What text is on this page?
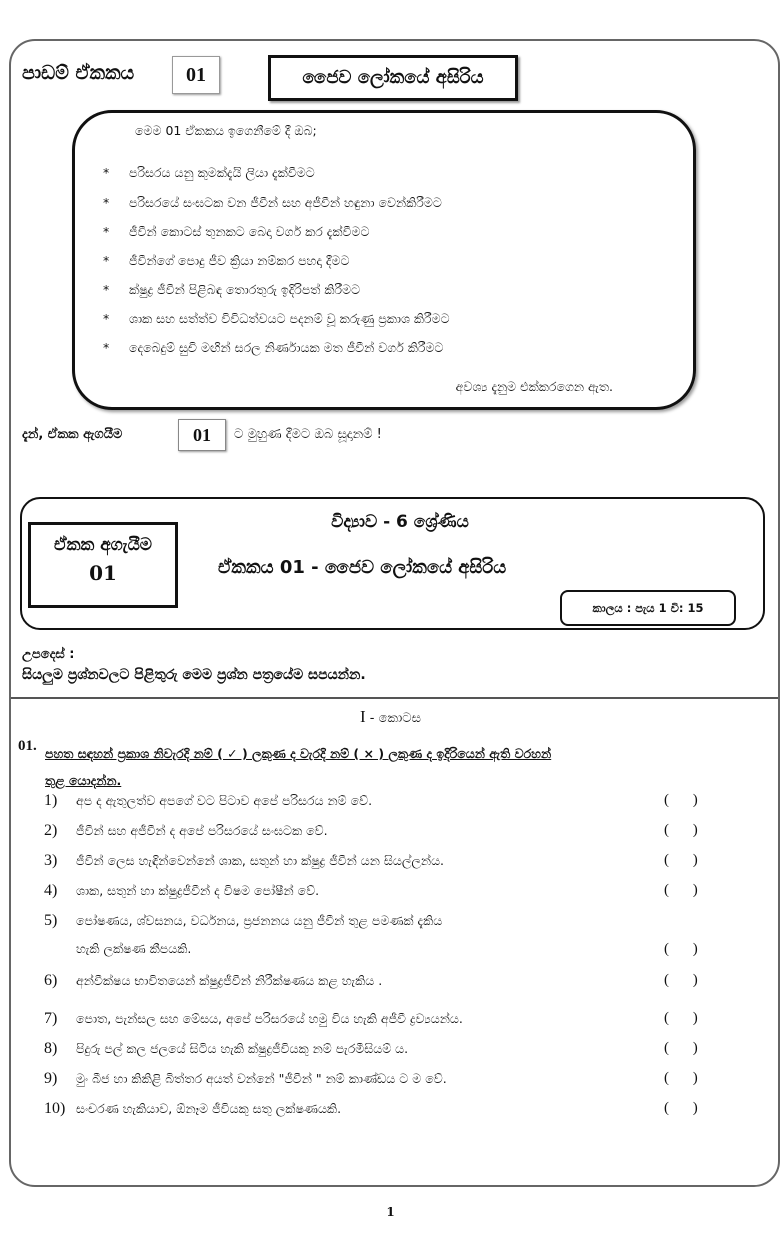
පාඩම් ඒකකය	01	ජෛව ලෝකයේ අසිරිය
මෙම 01 ඒකකය ඉගෙනීමේ දී ඔබ;
* පරිසරය යනු කුමක්දැයි ලියා දැක්වීමට
* පරිසරයේ සංඝටක වන ජීවීන් සහ අජීවීන් හඳුනා වෙන්කිරීමට
* ජීවීන් කොටස් තුනකට බෙදා වර්ග කර දැක්වීමට
* ජීවීන්ගේ පොදු ජීව ක්‍රියා නම්කර පහදා දීමට
* ක්ෂුද්‍ර ජීවීන් පිළිබඳ තොරතුරු ඉදිරිපත් කිරීමට
* ශාක සහ සත්ත්ව විවිධත්වයට පදනම් වූ කරුණු ප්‍රකාශ කිරීමට
* දෙබෙදුම් සුචි මඟින් සරල නිර්ණායක මත ජීවීන් වර්ග කිරීමට
අවශ්‍ය දැනුම එක්කරගෙන ඇත.
දැන්, ඒකක ඇගයීම	01	ට මුහුණ දීමට ඔබ සූදානම් !
ඒකක අගැයීම
01
විද්‍යාව - 6 ශ්‍රේණිය
ඒකකය 01 - ජෛව ලෝකයේ අසිරිය
කාලය : පැය 1 වි: 15
උපදෙස් :
සියලුම ප්‍රශ්නවලට පිළිතුරු මෙම ප්‍රශ්න පත්‍රයේම සපයන්න.
I - කොටස
01. පහත සඳහන් ප්‍රකාශ නිවැරදි නම් ( ✓ ) ලකුණ ද වැරදි නම් ( × ) ලකුණ ද ඉදිරියෙන් ඇති වරහන්
තුළ යොදන්න.
1) අප ද ඇතුලත්ව අපගේ වට පිටාව අපේ පරිසරය නම් වේ.	( )
2) ජීවීන් සහ අජීවීන් ද අපේ පරිසරයේ සංඝටක වේ.	( )
3) ජීවීන් ලෙස හැඳින්වෙන්නේ ශාක, සතුන් හා ක්ෂුද්‍ර ජීවීන් යන සියල්ලන්ය.	( )
4) ශාක, සතුන් හා ක්ෂුද්‍රජීවීන් ද විෂම පෝෂීන් වේ.	( )
5) පෝෂණය, ශ්වසනය, වර්ධනය, ප්‍රජනනය යනු ජීවීන් තුළ පමණක් දැකිය
හැකි ලක්ෂණ කීපයකි.	( )
6) අන්වීක්ෂය භාවිතයෙන් ක්ෂුද්‍රජීවීන් නිරීක්ෂණය කළ හැකිය .	( )
7) පොත, පැන්සල සහ මේසය, අපේ පරිසරයේ හමු විය හැකි අජීවී ද්‍රව්‍යයන්ය.	( )
8) පිදුරු පල් කල ජලයේ සිටිය හැකි ක්ෂුද්‍රජීවියකු නම් පැරමීසියම් ය.	( )
9) මුං බීජ හා කිකිළි බිත්තර අයත් වන්නේ "ජීවීන් " නම් කාණ්ඩය ට ම වේ.	( )
10) සංචරණ හැකියාව, ඕනෑම ජීවියකු සතු ලක්ෂණයකි.	( )
1
